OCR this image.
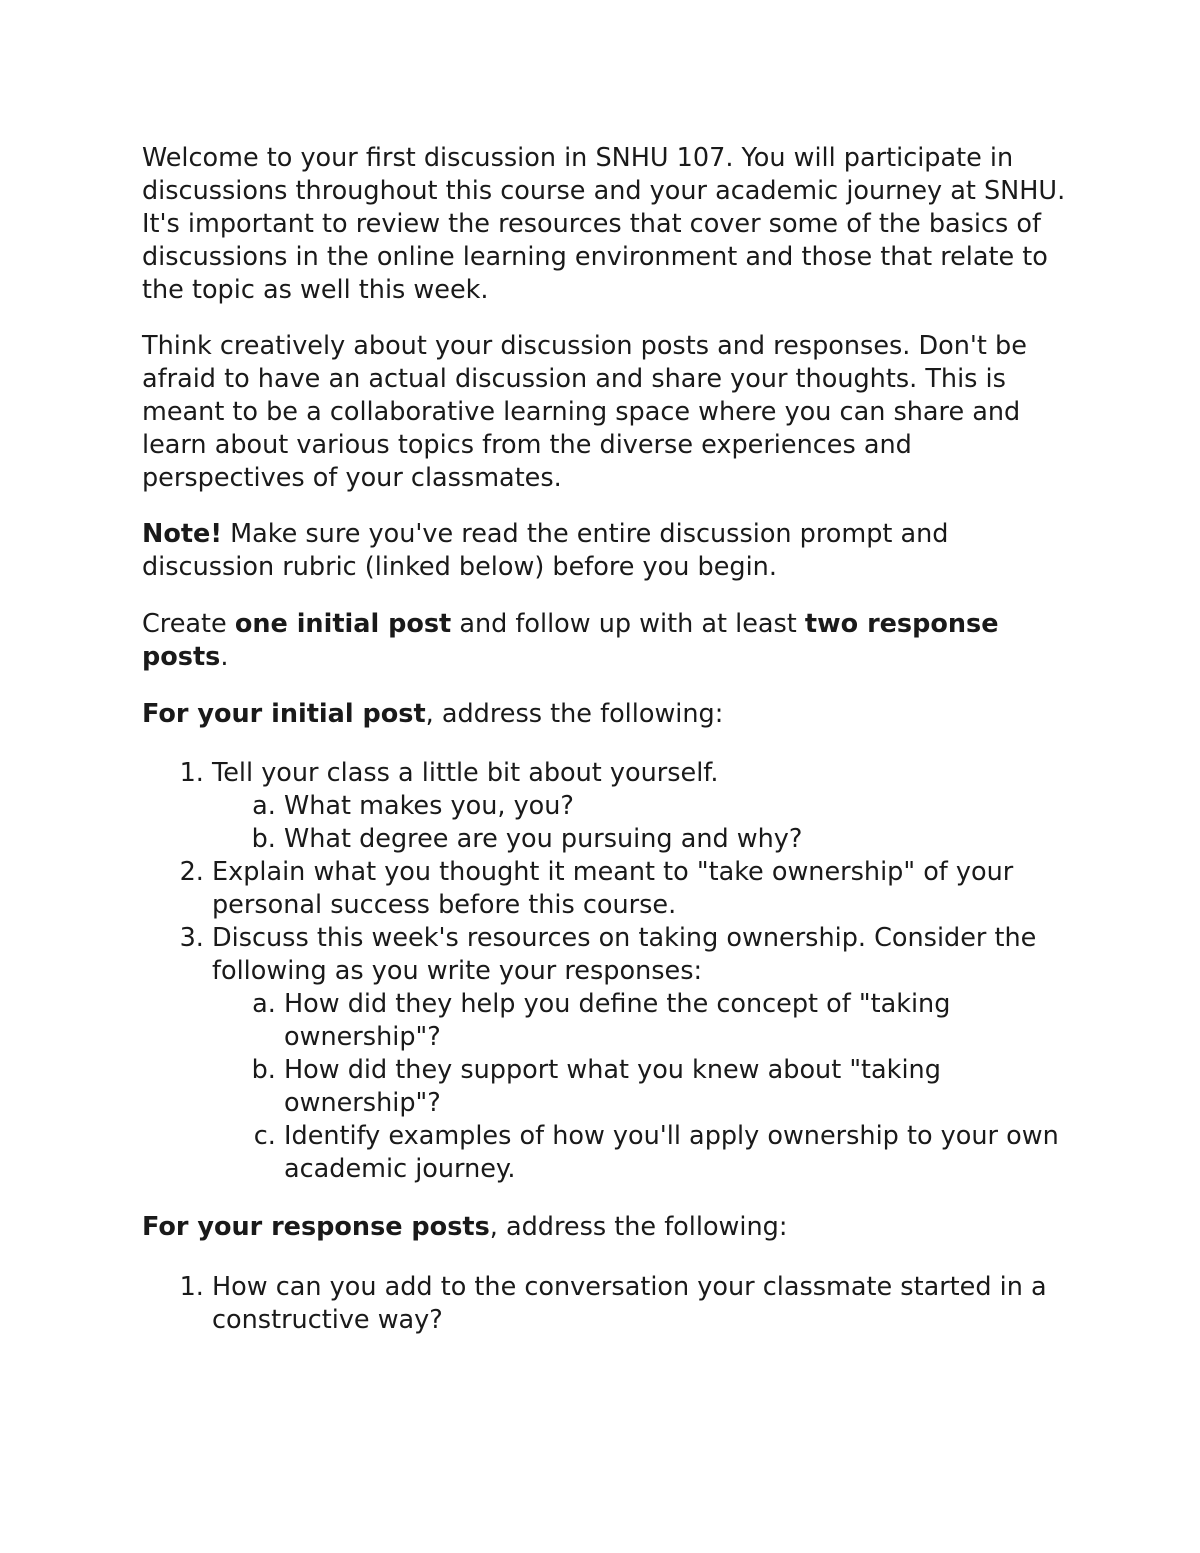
Welcome to your first discussion in SNHU 107. You will participate in discussions throughout this course and your academic journey at SNHU. It's important to review the resources that cover some of the basics of discussions in the online learning environment and those that relate to the topic as well this week.

Think creatively about your discussion posts and responses. Don't be afraid to have an actual discussion and share your thoughts. This is meant to be a collaborative learning space where you can share and learn about various topics from the diverse experiences and perspectives of your classmates.

Note! Make sure you've read the entire discussion prompt and discussion rubric (linked below) before you begin.

Create one initial post and follow up with at least two response posts.

For your initial post, address the following:

1. Tell your class a little bit about yourself.
a. What makes you, you?
b. What degree are you pursuing and why?
2. Explain what you thought it meant to "take ownership" of your personal success before this course.
3. Discuss this week's resources on taking ownership. Consider the following as you write your responses:
a. How did they help you define the concept of "taking ownership"?
b. How did they support what you knew about "taking ownership"?
c. Identify examples of how you'll apply ownership to your own academic journey.

For your response posts, address the following:

1. How can you add to the conversation your classmate started in a constructive way?
